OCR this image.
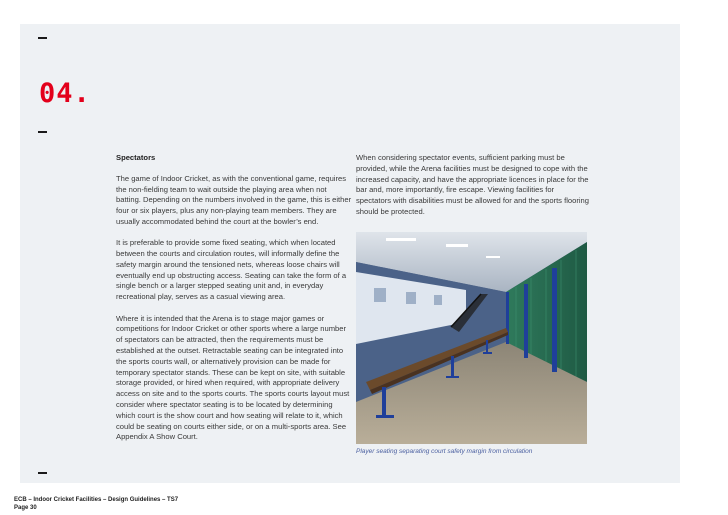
04.

Spectators

The game of Indoor Cricket, as with the conventional game, requires the non-fielding team to wait outside the playing area when not batting. Depending on the numbers involved in the game, this is either four or six players, plus any non-playing team members. They are usually accommodated behind the court at the bowler’s end.

It is preferable to provide some fixed seating, which when located between the courts and circulation routes, will informally define the safety margin around the tensioned nets, whereas loose chairs will eventually end up obstructing access. Seating can take the form of a single bench or a larger stepped seating unit and, in everyday recreational play, serves as a casual viewing area.

Where it is intended that the Arena is to stage major games or competitions for Indoor Cricket or other sports where a large number of spectators can be attracted, then the requirements must be established at the outset. Retractable seating can be integrated into the sports courts wall, or alternatively provision can be made for temporary spectator stands. These can be kept on site, with suitable storage provided, or hired when required, with appropriate delivery access on site and to the sports courts. The sports courts layout must consider where spectator seating is to be located by determining which court is the show court and how seating will relate to it, which could be seating on courts either side, or on a multi-sports area. See Appendix A Show Court.

When considering spectator events, sufficient parking must be provided, while the Arena facilities must be designed to cope with the increased capacity, and have the appropriate licences in place for the bar and, more importantly, fire escape. Viewing facilities for spectators with disabilities must be allowed for and the sports flooring should be protected.

Player seating separating court safety margin from circulation
ECB – Indoor Cricket Facilities – Design Guidelines – TS7
Page 30
